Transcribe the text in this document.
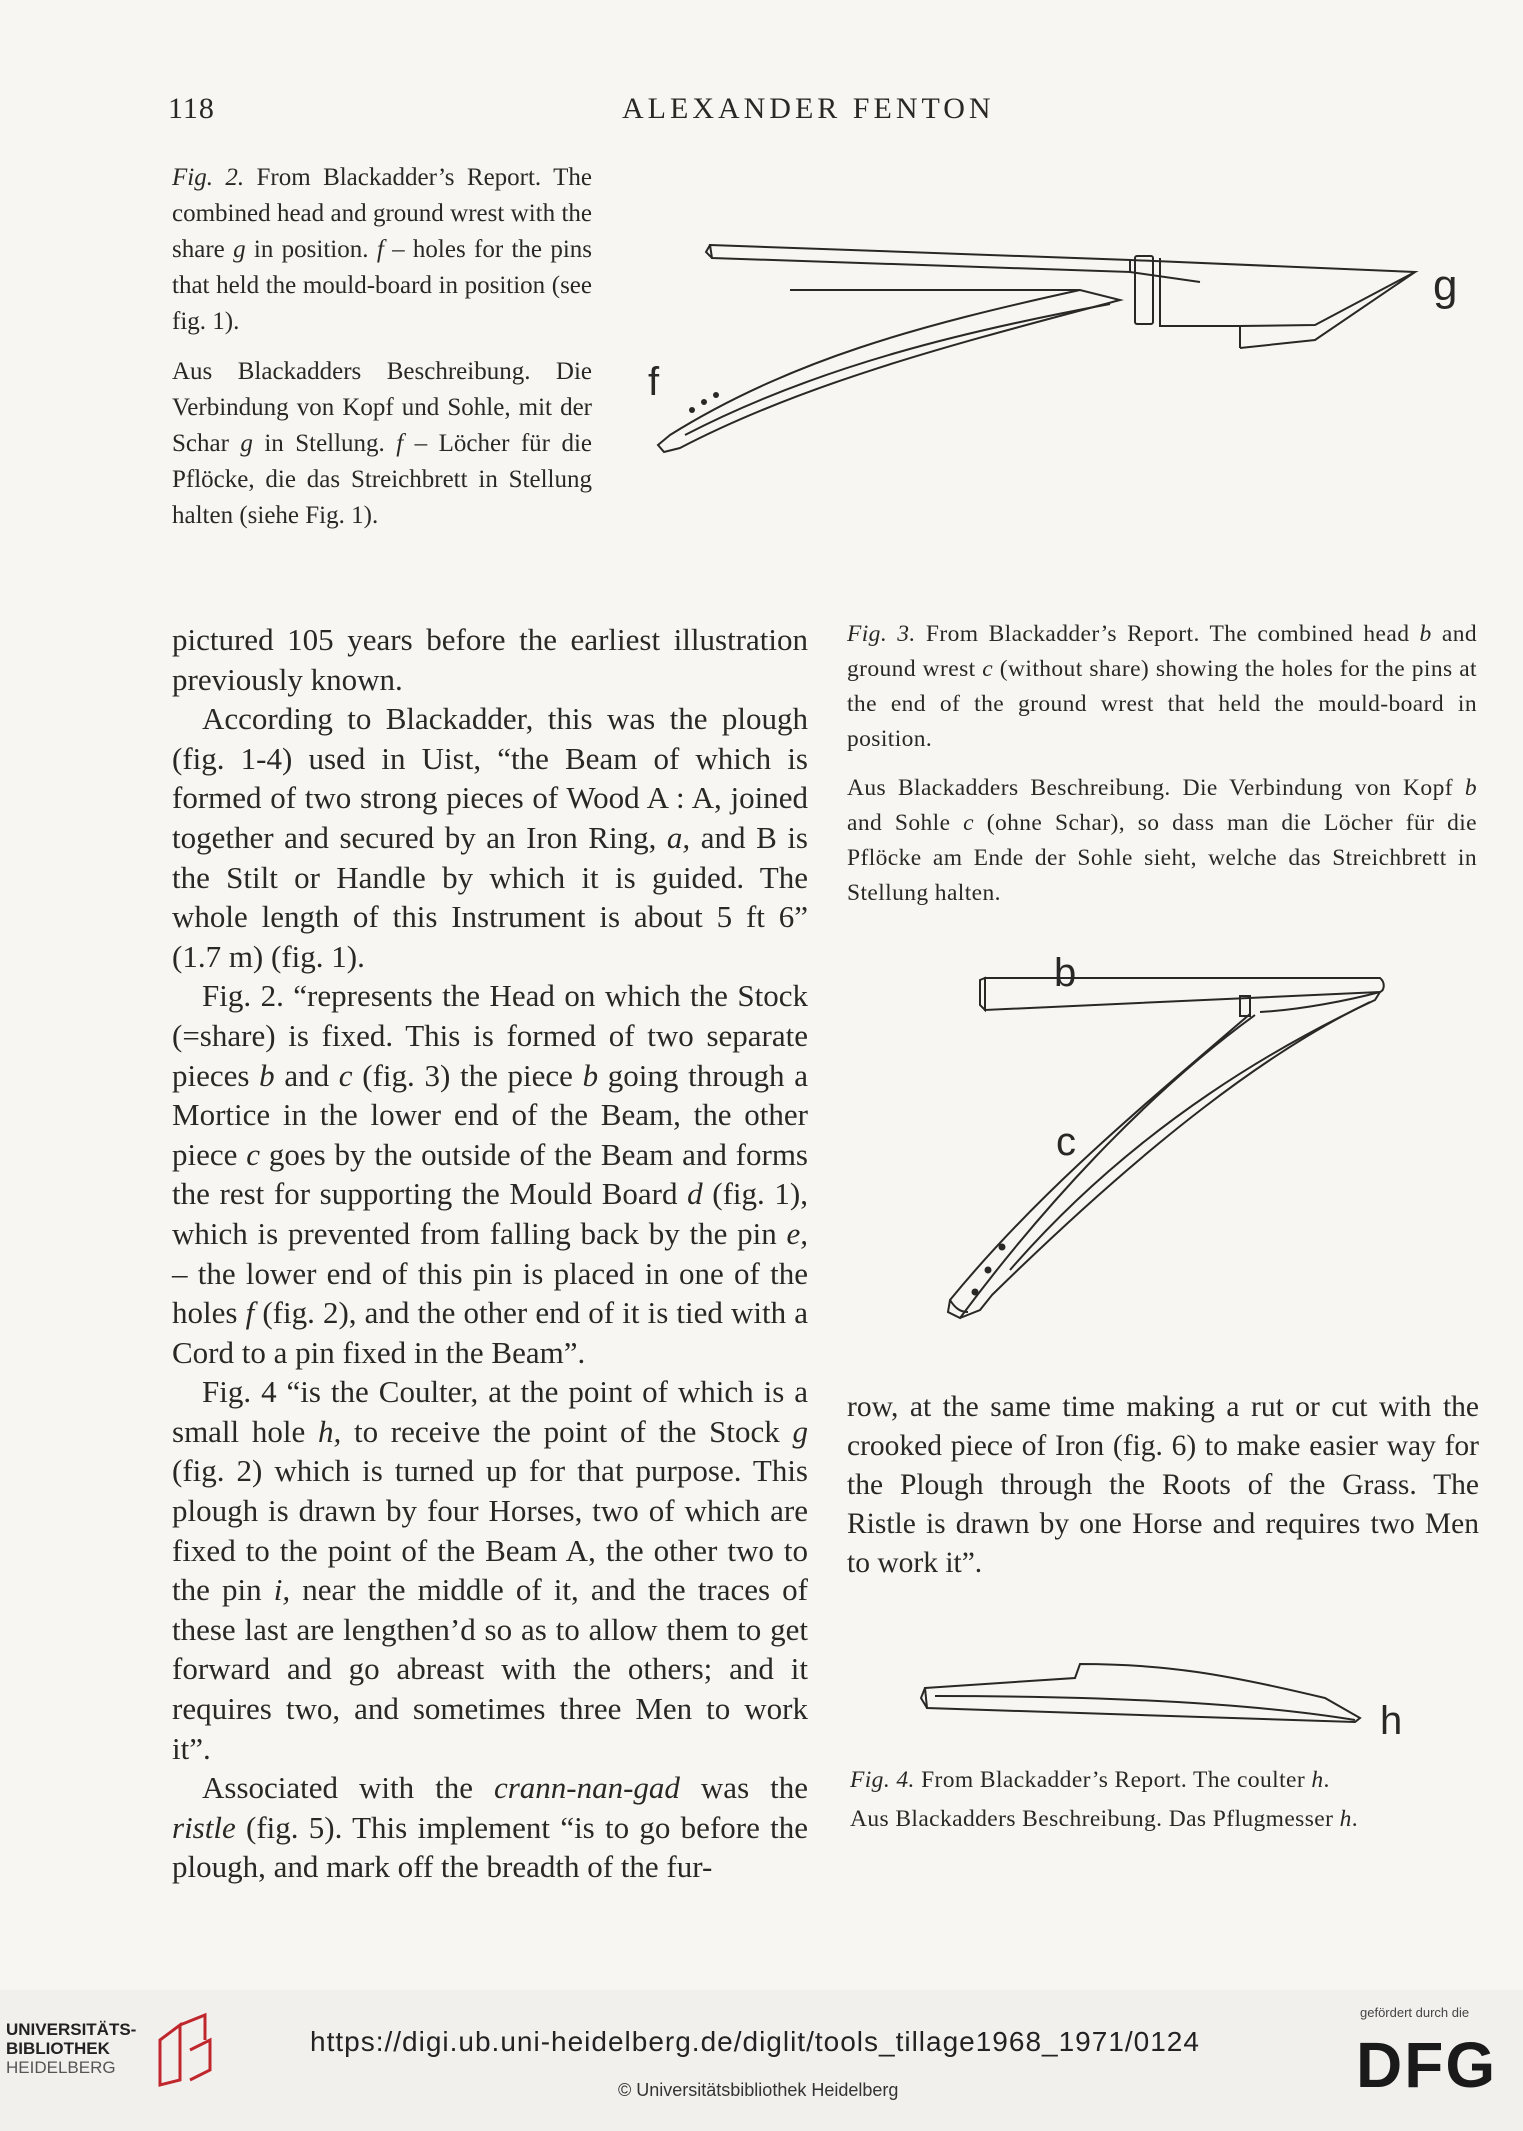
118	ALEXANDER FENTON

Fig. 2. From Blackadder’s Report. The combined head and ground wrest with the share g in position. f – holes for the pins that held the mould-board in position (see fig. 1).

Aus Blackadders Beschreibung. Die Verbindung von Kopf und Sohle, mit der Schar g in Stellung. f – Löcher für die Pflöcke, die das Streichbrett in Stellung halten (siehe Fig. 1).

f
g

pictured 105 years before the earliest illustration previously known.

According to Blackadder, this was the plough (fig. 1-4) used in Uist, “the Beam of which is formed of two strong pieces of Wood A : A, joined together and secured by an Iron Ring, a, and B is the Stilt or Handle by which it is guided. The whole length of this Instrument is about 5 ft 6” (1.7 m) (fig. 1).

Fig. 2. “represents the Head on which the Stock (=share) is fixed. This is formed of two separate pieces b and c (fig. 3) the piece b going through a Mortice in the lower end of the Beam, the other piece c goes by the outside of the Beam and forms the rest for supporting the Mould Board d (fig. 1), which is prevented from falling back by the pin e, – the lower end of this pin is placed in one of the holes f (fig. 2), and the other end of it is tied with a Cord to a pin fixed in the Beam”.

Fig. 4 “is the Coulter, at the point of which is a small hole h, to receive the point of the Stock g (fig. 2) which is turned up for that purpose. This plough is drawn by four Horses, two of which are fixed to the point of the Beam A, the other two to the pin i, near the middle of it, and the traces of these last are lengthen’d so as to allow them to get forward and go abreast with the others; and it requires two, and sometimes three Men to work it”.

Associated with the crann-nan-gad was the ristle (fig. 5). This implement “is to go before the plough, and mark off the breadth of the fur-

Fig. 3. From Blackadder’s Report. The combined head b and ground wrest c (without share) showing the holes for the pins at the end of the ground wrest that held the mould-board in position.

Aus Blackadders Beschreibung. Die Verbindung von Kopf b and Sohle c (ohne Schar), so dass man die Löcher für die Pflöcke am Ende der Sohle sieht, welche das Streichbrett in Stellung halten.

b
c

row, at the same time making a rut or cut with the crooked piece of Iron (fig. 6) to make easier way for the Plough through the Roots of the Grass. The Ristle is drawn by one Horse and requires two Men to work it”.

h

Fig. 4. From Blackadder’s Report. The coulter h.

Aus Blackadders Beschreibung. Das Pflugmesser h.

UNIVERSITÄTS-
BIBLIOTHEK
HEIDELBERG
https://digi.ub.uni-heidelberg.de/diglit/tools_tillage1968_1971/0124
© Universitätsbibliothek Heidelberg
gefördert durch die
DFG
